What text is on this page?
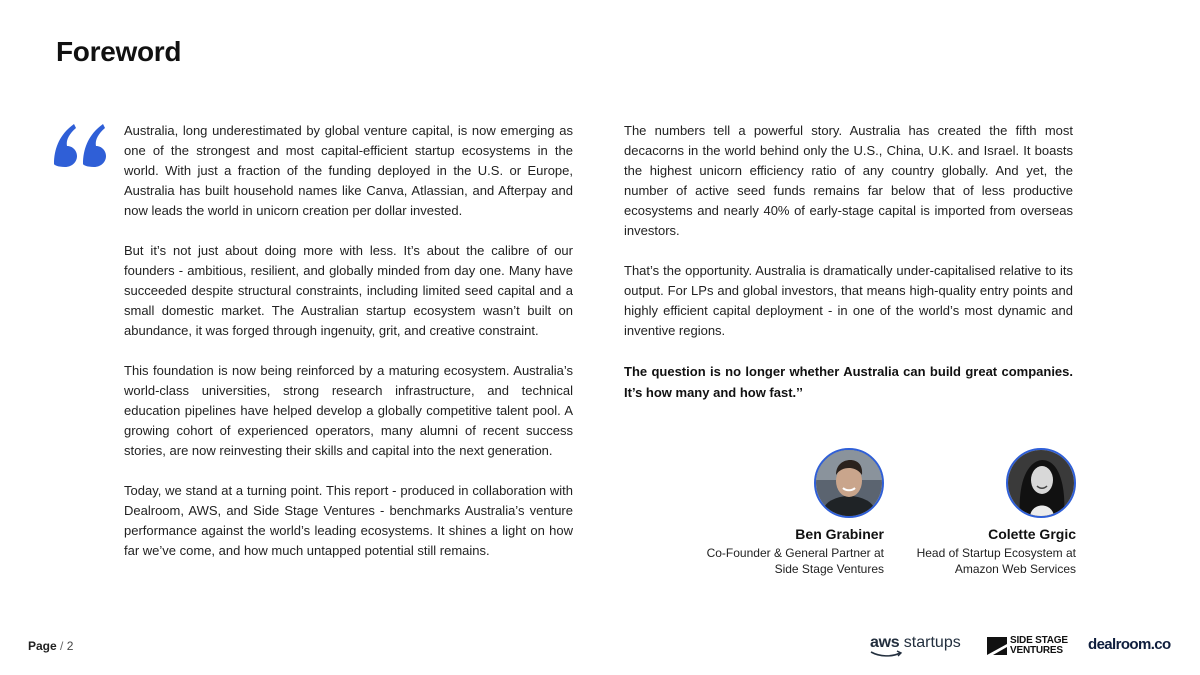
Foreword

Australia, long underestimated by global venture capital, is now emerging as one of the strongest and most capital-efficient startup ecosystems in the world. With just a fraction of the funding deployed in the U.S. or Europe, Australia has built household names like Canva, Atlassian, and Afterpay and now leads the world in unicorn creation per dollar invested.

But it’s not just about doing more with less. It’s about the calibre of our founders - ambitious, resilient, and globally minded from day one. Many have succeeded despite structural constraints, including limited seed capital and a small domestic market. The Australian startup ecosystem wasn’t built on abundance, it was forged through ingenuity, grit, and creative constraint.

This foundation is now being reinforced by a maturing ecosystem. Australia’s world-class universities, strong research infrastructure, and technical education pipelines have helped develop a globally competitive talent pool. A growing cohort of experienced operators, many alumni of recent success stories, are now reinvesting their skills and capital into the next generation.

Today, we stand at a turning point. This report - produced in collaboration with Dealroom, AWS, and Side Stage Ventures - benchmarks Australia’s venture performance against the world’s leading ecosystems. It shines a light on how far we’ve come, and how much untapped potential still remains.

The numbers tell a powerful story. Australia has created the fifth most decacorns in the world behind only the U.S., China, U.K. and Israel. It boasts the highest unicorn efficiency ratio of any country globally. And yet, the number of active seed funds remains far below that of less productive ecosystems and nearly 40% of early-stage capital is imported from overseas investors.

That’s the opportunity. Australia is dramatically under-capitalised relative to its output. For LPs and global investors, that means high-quality entry points and highly efficient capital deployment - in one of the world’s most dynamic and inventive regions.

The question is no longer whether Australia can build great companies. It’s how many and how fast.’’

Ben Grabiner
Co-Founder & General Partner at
Side Stage Ventures
Colette Grgic
Head of Startup Ecosystem at
Amazon Web Services
Page / 2	aws startups	SIDE STAGE
VENTURES	dealroom.co
